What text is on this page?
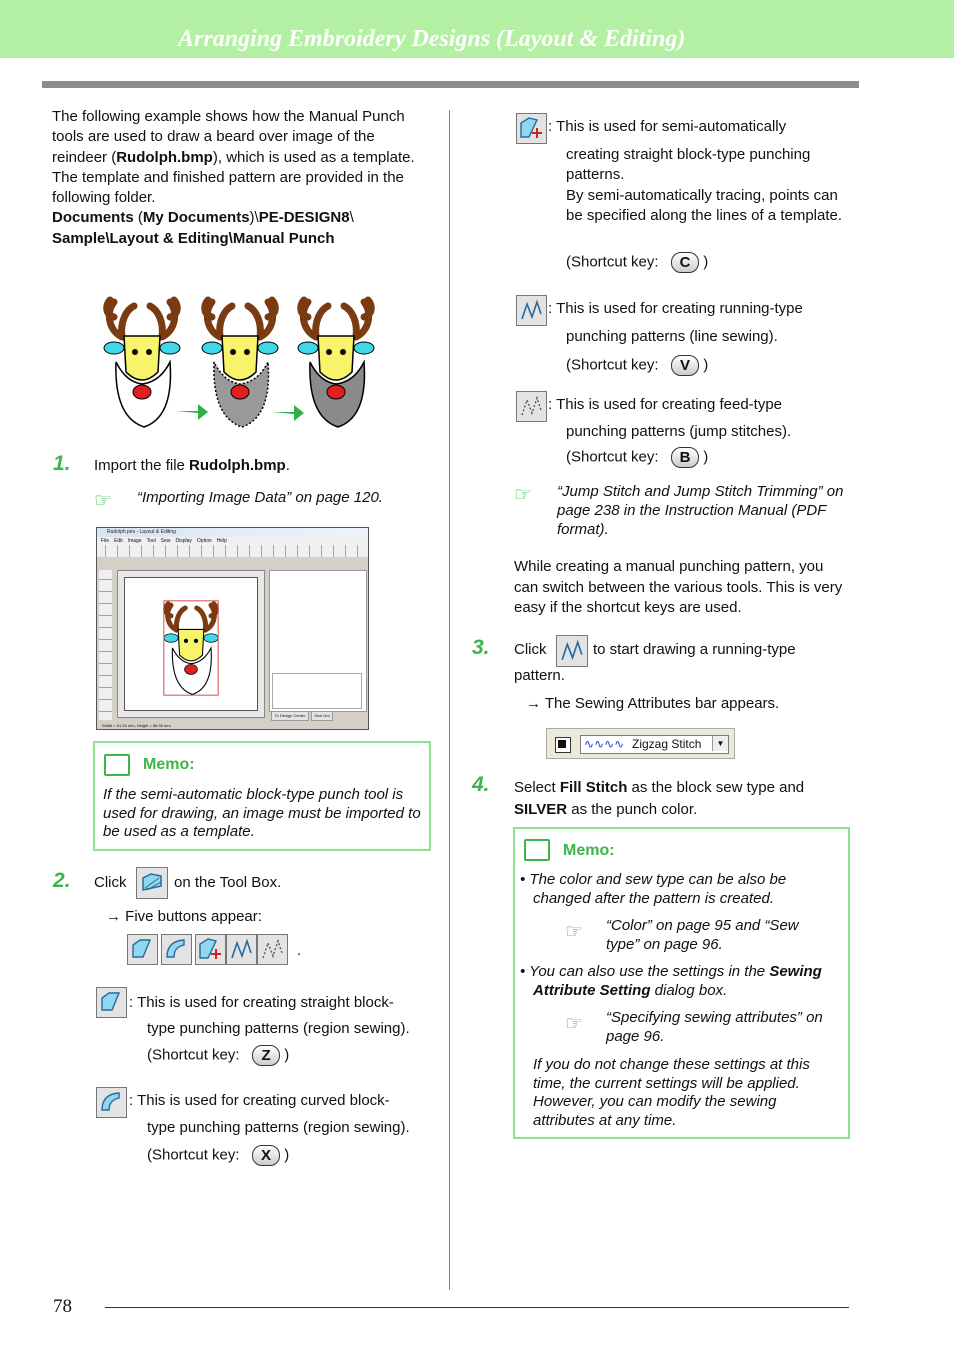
Arranging Embroidery Designs (Layout & Editing)

The following example shows how the Manual Punch tools are used to draw a beard over image of the reindeer (Rudolph.bmp), which is used as a template.

The template and finished pattern are provided in the following folder.

Documents (My Documents)\PE-DESIGN8\
Sample\Layout & Editing\Manual Punch

1. Import the file Rudolph.bmp.

☞ “Importing Image Data” on page 120.

Rudolph.pes - Layout & Editing
File Edit Image Tool Sew Display Option Help
To Design Center	Sew Ord
Width = 61.20 mm, Height = 88.90 mm
Memo:

If the semi-automatic block-type punch tool is used for drawing, an image must be imported to be used as a template.

2. Click	on the Tool Box.

→ Five buttons appear:

.

: This is used for creating straight block-

type punching patterns (region sewing).

(Shortcut key: Z )

: This is used for creating curved block-

type punching patterns (region sewing).

(Shortcut key: X )

: This is used for semi-automatically

creating straight block-type punching patterns.

By semi-automatically tracing, points can be specified along the lines of a template.

(Shortcut key: C )

: This is used for creating running-type

punching patterns (line sewing).

(Shortcut key: V )

: This is used for creating feed-type

punching patterns (jump stitches).

(Shortcut key: B )

☞ “Jump Stitch and Jump Stitch Trimming” on page 238 in the Instruction Manual (PDF format).

While creating a manual punching pattern, you can switch between the various tools. This is very easy if the shortcut keys are used.

3. Click	to start drawing a running-type

pattern.

→ The Sewing Attributes bar appears.

∿∿∿∿ Zigzag Stitch	▼
4. Select Fill Stitch as the block sew type and
SILVER as the punch color.

Memo:

• The color and sew type can be also be changed after the pattern is created.

☞ “Color” on page 95 and “Sew type” on page 96.

• You can also use the settings in the Sewing Attribute Setting dialog box.

☞ “Specifying sewing attributes” on page 96.

If you do not change these settings at this time, the current settings will be applied. However, you can modify the sewing attributes at any time.

78
